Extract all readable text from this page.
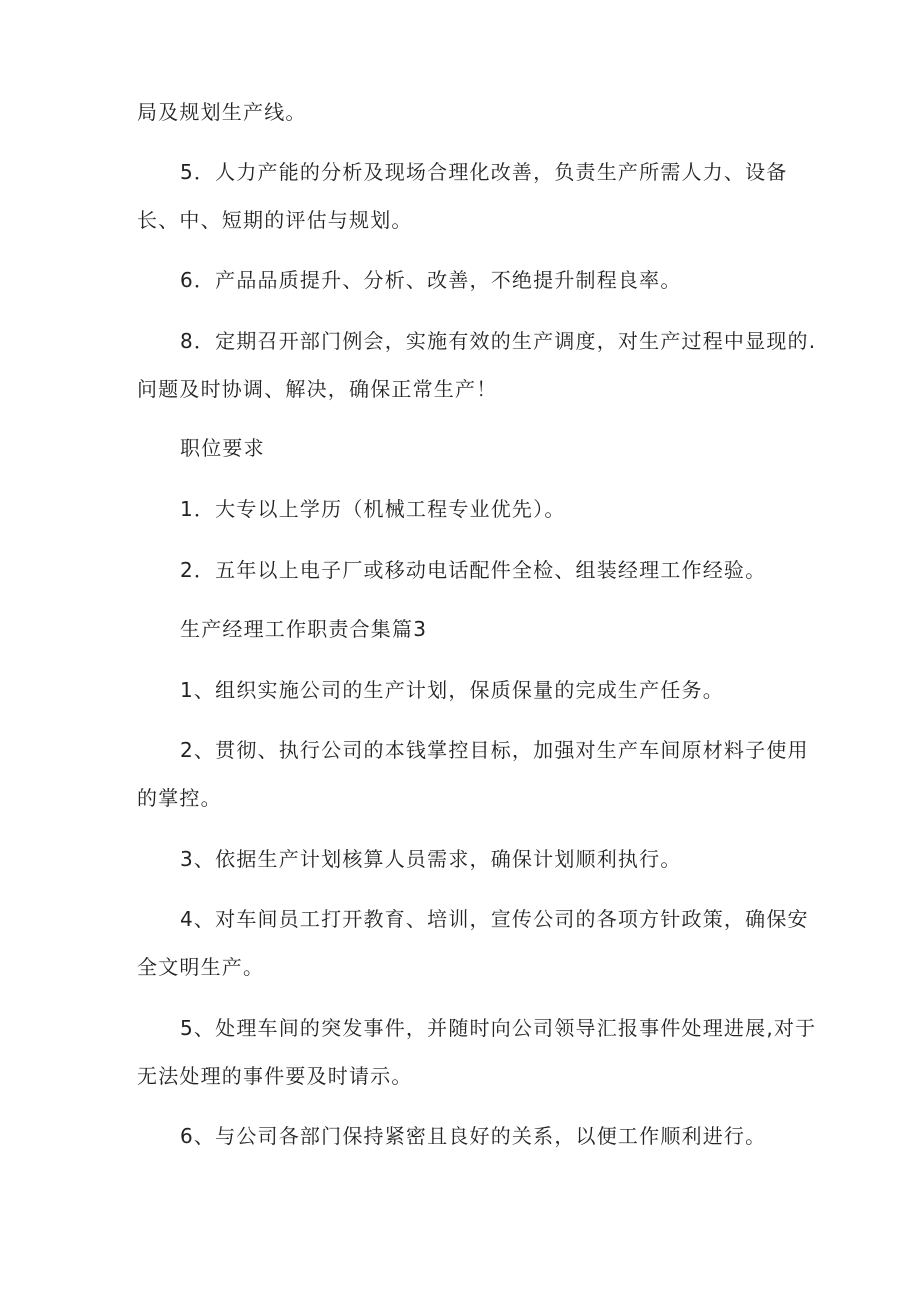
局及规划生产线。
5．人力产能的分析及现场合理化改善，负责生产所需人力、设备
长、中、短期的评估与规划。
6．产品品质提升、分析、改善，不绝提升制程良率。
8．定期召开部门例会，实施有效的生产调度，对生产过程中显现的.
问题及时协调、解决，确保正常生产！
职位要求
1．大专以上学历（机械工程专业优先）。
2．五年以上电子厂或移动电话配件全检、组装经理工作经验。
生产经理工作职责合集篇3
1、组织实施公司的生产计划，保质保量的完成生产任务。
2、贯彻、执行公司的本钱掌控目标，加强对生产车间原材料子使用
的掌控。
3、依据生产计划核算人员需求，确保计划顺利执行。
4、对车间员工打开教育、培训，宣传公司的各项方针政策，确保安
全文明生产。
5、处理车间的突发事件，并随时向公司领导汇报事件处理进展,对于
无法处理的事件要及时请示。
6、与公司各部门保持紧密且良好的关系，以便工作顺利进行。
